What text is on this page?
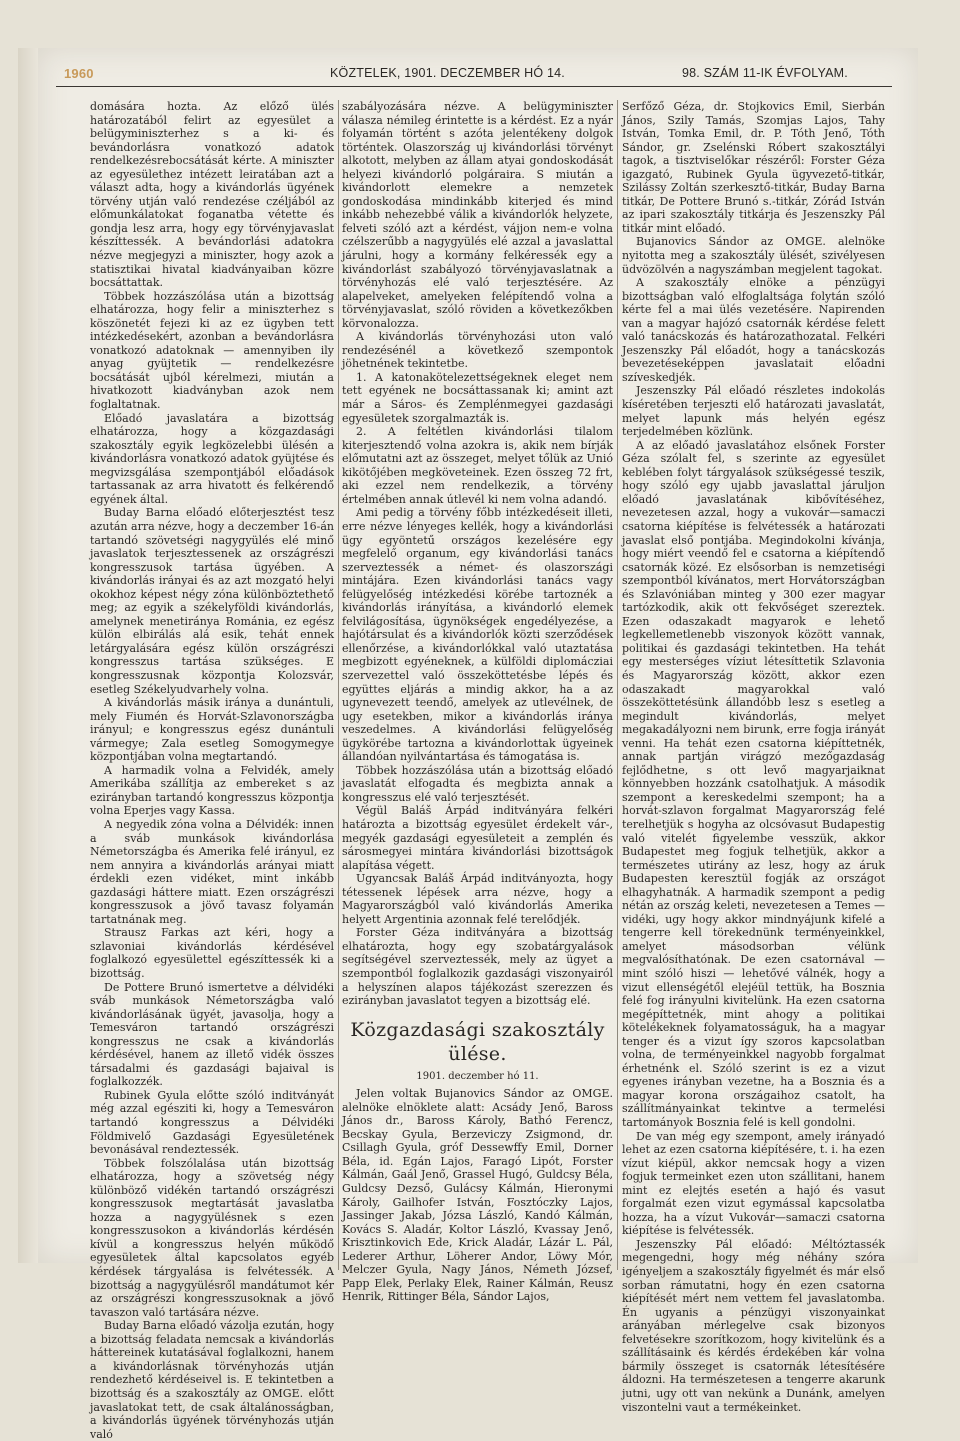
1960	KÖZTELEK, 1901. DECZEMBER HÓ 14.	98. SZÁM 11-IK ÉVFOLYAM.

domására hozta. Az előző ülés határozatából felirt az egyesület a belügyminiszterhez s a ki- és bevándorlásra vonatkozó adatok rendelkezésrebocsátását kérte. A miniszter az egyesülethez intézett leiratában azt a választ adta, hogy a kivándorlás ügyének törvény utján való rendezése czéljából az előmunkálatokat foganatba vétette és gondja lesz arra, hogy egy törvényjavaslat készíttessék. A bevándorlási adatokra nézve megjegyzi a miniszter, hogy azok a statisztikai hivatal kiadványaiban közre bocsáttattak.

Többek hozzászólása után a bizottság elhatározza, hogy felir a miniszterhez s köszönetét fejezi ki az ez ügyben tett intézkedésekért, azonban a bevándorlásra vonatkozó adatoknak — amennyiben ily anyag gyüjtetik — rendelkezésre bocsátását ujból kérelmezi, miután a hivatkozott kiadványban azok nem foglaltatnak.

Előadó javaslatára a bizottság elhatározza, hogy a közgazdasági szakosztály egyik legközelebbi ülésén a kivándorlásra vonatkozó adatok gyüjtése és megvizsgálása szempontjából előadások tartassanak az arra hivatott és felkérendő egyének által.

Buday Barna előadó előterjesztést tesz azután arra nézve, hogy a deczember 16-án tartandó szövetségi nagygyülés elé minő javaslatok terjesztessenek az országrészi kongresszusok tartása ügyében. A kivándorlás irányai és az azt mozgató helyi okokhoz képest négy zóna különböztethető meg; az egyik a székelyföldi kivándorlás, amelynek menetiránya Románia, ez egész külön elbirálás alá esik, tehát ennek letárgyalására egész külön országrészi kongresszus tartása szükséges. E kongresszusnak központja Kolozsvár, esetleg Székelyudvarhely volna.

A kivándorlás másik iránya a dunántuli, mely Fiumén és Horvát-Szlavonországba irányul; e kongresszus egész dunántuli vármegye; Zala esetleg Somogymegye központjában volna megtartandó.

A harmadik volna a Felvidék, amely Amerikába szállítja az embereket s az ezirányban tartandó kongresszus központja volna Eperjes vagy Kassa.

A negyedik zóna volna a Délvidék: innen a sváb munkások kivándorlása Németországba és Amerika felé irányul, ez nem annyira a kivándorlás arányai miatt érdekli ezen vidéket, mint inkább gazdasági háttere miatt. Ezen országrészi kongresszusok a jövő tavasz folyamán tartatnának meg.

Strausz Farkas azt kéri, hogy a szlavoniai kivándorlás kérdésével foglalkozó egyesülettel egészíttessék ki a bizottság.

De Pottere Brunó ismertetve a délvidéki sváb munkások Németországba való kivándorlásának ügyét, javasolja, hogy a Temesváron tartandó országrészi kongresszus ne csak a kivándorlás kérdésével, hanem az illető vidék összes társadalmi és gazdasági bajaival is foglalkozzék.

Rubinek Gyula előtte szóló inditványát még azzal egésziti ki, hogy a Temesváron tartandó kongresszus a Délvidéki Földmivelő Gazdasági Egyesületének bevonásával rendeztessék.

Többek folszólalása után bizottság elhatározza, hogy a szövetség négy különböző vidékén tartandó országrészi kongresszusok megtartását javaslatba hozza a nagygyülésnek s ezen kongresszusokon a kivándorlás kérdésén kívül a kongresszus helyén működő egyesületek által kapcsolatos egyéb kérdések tárgyalása is felvétessék. A bizottság a nagygyülésről mandátumot kér az országrészi kongresszusoknak a jövő tavaszon való tartására nézve.

Buday Barna előadó vázolja ezután, hogy a bizottság feladata nemcsak a kivándorlás háttereinek kutatásával foglalkozni, hanem a kivándorlásnak törvényhozás utján rendezhető kérdéseivel is. E tekintetben a bizottság és a szakosztály az OMGE. előtt javaslatokat tett, de csak általánosságban, a kivándorlás ügyének törvényhozás utján való

szabályozására nézve. A belügyminiszter válasza némileg érintette is a kérdést. Ez a nyár folyamán történt s azóta jelentékeny dolgok történtek. Olaszország uj kivándorlási törvényt alkotott, melyben az állam atyai gondoskodását helyezi kivándorló polgáraira. S miután a kivándorlott elemekre a nemzetek gondoskodása mindinkább kiterjed és mind inkább nehezebbé válik a kivándorlók helyzete, felveti szóló azt a kérdést, vájjon nem-e volna czélszerűbb a nagygyülés elé azzal a javaslattal járulni, hogy a kormány felkéressék egy a kivándorlást szabályozó törvényjavaslatnak a törvényhozás elé való terjesztésére. Az alapelveket, amelyeken felépítendő volna a törvényjavaslat, szóló röviden a következőkben körvonalozza.

A kivándorlás törvényhozási uton való rendezésénél a következő szempontok jöhetnének tekintetbe.

1. A katonakötelezettségeknek eleget nem tett egyének ne bocsáttassanak ki; amint azt már a Sáros- és Zemplénmegyei gazdasági egyesületek szorgalmazták is.

2. A feltétlen kivándorlási tilalom kiterjesztendő volna azokra is, akik nem bírják előmutatni azt az összeget, melyet tőlük az Unió kikötőjében megköveteinek. Ezen összeg 72 frt, aki ezzel nem rendelkezik, a törvény értelmében annak útlevél ki nem volna adandó.

Ami pedig a törvény főbb intézkedéseit illeti, erre nézve lényeges kellék, hogy a kivándorlási ügy egyöntetű országos kezelésére egy megfelelő organum, egy kivándorlási tanács szerveztessék a német- és olaszországi mintájára. Ezen kivándorlási tanács vagy felügyelőség intézkedési körébe tartoznék a kivándorlás irányítása, a kivándorló elemek felvilágosítása, ügynökségek engedélyezése, a hajótársulat és a kivándorlók közti szerződések ellenőrzése, a kivándorlókkal való utaztatása megbizott egyéneknek, a külföldi diplomácziai szervezettel való összeköttetésbe lépés és együttes eljárás a mindig akkor, ha a az ugynevezett teendő, amelyek az utlevélnek, de ugy esetekben, mikor a kivándorlás iránya veszedelmes. A kivándorlási felügyelőség ügykörébe tartozna a kivándorlottak ügyeinek állandóan nyilvántartása és támogatása is.

Többek hozzászólása után a bizottság előadó javaslatát elfogadta és megbizta annak a kongresszus elé való terjesztését.

Végül Baláš Árpád inditványára felkéri határozta a bizottság egyesület érdekelt vár-, megyék gazdasági egyesületeit a zemplén és sárosmegyei mintára kivándorlási bizottságok alapítása végett.

Ugyancsak Baláš Árpád inditványozta, hogy tétessenek lépések arra nézve, hogy a Magyarországból való kivándorlás Amerika helyett Argentinia azonnak felé terelődjék.

Forster Géza inditványára a bizottság elhatározta, hogy egy szobatárgyalások segítségével szerveztessék, mely az ügyet a szempontból foglalkozik gazdasági viszonyairól a helyszínen alapos tájékozást szerezzen és ezirányban javaslatot tegyen a bizottság elé.

Közgazdasági szakosztály ülése.
1901. deczember hó 11.

Jelen voltak Bujanovics Sándor az OMGE. alelnöke elnöklete alatt: Acsády Jenő, Baross János dr., Baross Károly, Bathó Ferencz, Becskay Gyula, Berzeviczy Zsigmond, dr. Csillagh Gyula, gróf Dessewffy Emil, Dorner Béla, id. Egán Lajos, Faragó Lipót, Forster Kálmán, Gaál Jenő, Grassel Hugó, Guldcsy Béla, Guldcsy Dezső, Gulácsy Kálmán, Hieronymi Károly, Gailhofer István, Fosztóczky Lajos, Jassinger Jakab, Józsa László, Kandó Kálmán, Kovács S. Aladár, Koltor László, Kvassay Jenő, Krisztinkovich Ede, Krick Aladár, Lázár L. Pál, Lederer Arthur, Löherer Andor, Löwy Mór, Melczer Gyula, Nagy János, Németh József, Papp Elek, Perlaky Elek, Rainer Kálmán, Reusz Henrik, Rittinger Béla, Sándor Lajos,

Serfőző Géza, dr. Stojkovics Emil, Sierbán János, Szily Tamás, Szomjas Lajos, Tahy István, Tomka Emil, dr. P. Tóth Jenő, Tóth Sándor, gr. Zselénski Róbert szakosztályi tagok, a tisztviselőkar részéről: Forster Géza igazgató, Rubinek Gyula ügyvezető-titkár, Szilássy Zoltán szerkesztő-titkár, Buday Barna titkár, De Pottere Brunó s.-titkár, Zórád István az ipari szakosztály titkárja és Jeszenszky Pál titkár mint előadó.

Bujanovics Sándor az OMGE. alelnöke nyitotta meg a szakosztály ülését, szivélyesen üdvözölvén a nagyszámban megjelent tagokat.

A szakosztály elnöke a pénzügyi bizottságban való elfoglaltsága folytán szóló kérte fel a mai ülés vezetésére. Napirenden van a magyar hajózó csatornák kérdése felett való tanácskozás és határozathozatal. Felkéri Jeszenszky Pál előadót, hogy a tanácskozás bevezetéseképpen javaslatait előadni szíveskedjék.

Jeszenszky Pál előadó részletes indokolás kíséretében terjeszti elő határozati javaslatát, melyet lapunk más helyén egész terjedelmében közlünk.

A az előadó javaslatához elsőnek Forster Géza szólalt fel, s szerinte az egyesület keblében folyt tárgyalások szükségessé teszik, hogy szóló egy ujabb javaslattal járuljon előadó javaslatának kibővítéséhez, nevezetesen azzal, hogy a vukovár—samaczi csatorna kiépítése is felvétessék a határozati javaslat első pontjába. Megindokolni kívánja, hogy miért veendő fel e csatorna a kiépítendő csatornák közé. Ez elsősorban is nemzetiségi szempontból kívánatos, mert Horvátországban és Szlavóniában minteg y 300 ezer magyar tartózkodik, akik ott fekvőséget szereztek. Ezen odaszakadt magyarok e lehető legkellemetlenebb viszonyok között vannak, politikai és gazdasági tekintetben. Ha tehát egy mesterséges víziut létesíttetik Szlavonia és Magyarország között, akkor ezen odaszakadt magyarokkal való összeköttetésünk állandóbb lesz s esetleg a megindult kivándorlás, melyet megakadályozni nem birunk, erre fogja irányát venni. Ha tehát ezen csatorna kiépíttetnék, annak partján virágzó mezőgazdaság fejlődhetne, s ott levő magyarjaiknat könnyebben hozzánk csatolhatjuk. A második szempont a kereskedelmi szempont; ha a horvát-szlavon forgalmat Magyarország felé terelhetjük s hogyha az olcsóvasut Budapestig való vitelét figyelembe vesszük, akkor Budapestet meg fogjuk telhetjük, akkor a természetes utirány az lesz, hogy az áruk Budapesten keresztül fogják az országot elhagyhatnák. A harmadik szempont a pedig nétán az ország keleti, nevezetesen a Temes — vidéki, ugy hogy akkor mindnyájunk kifelé a tengerre kell törekednünk terményeinkkel, amelyet másodsorban vélünk megvalósíthatónak. De ezen csatornával — mint szóló hiszi — lehetővé válnék, hogy a vizut ellenségétől elejéül tettük, ha Bosznia felé fog irányulni kivitelünk. Ha ezen csatorna megépíttetnék, mint ahogy a politikai kötelékeknek folyamatosságuk, ha a magyar tenger és a vizut így szoros kapcsolatban volna, de terményeinkkel nagyobb forgalmat érhetnénk el. Szóló szerint is ez a vizut egyenes irányban vezetne, ha a Bosznia és a magyar korona országaihoz csatolt, ha szállítmányainkat tekintve a termelési tartományok Bosznia felé is kell gondolni.

De van még egy szempont, amely irányadó lehet az ezen csatorna kiépítésére, t. i. ha ezen vízut kiépül, akkor nemcsak hogy a vizen fogjuk termeinket ezen uton szállitani, hanem mint ez elejtés esetén a hajó és vasut forgalmát ezen vizut egymással kapcsolatba hozza, ha a vízut Vukovár—samaczi csatorna kiépítése is felvétessék.

Jeszenszky Pál előadó: Méltóztassék megengedni, hogy még néhány szóra igényeljem a szakosztály figyelmét és már első sorban rámutatni, hogy én ezen csatorna kiépítését mért nem vettem fel javaslatomba. Én ugyanis a pénzügyi viszonyainkat arányában mérlegelve csak bizonyos felvetésekre szorítkozom, hogy kivitelünk és a szállításaink és kérdés érdekében kár volna bármily összeget is csatornák létesítésére áldozni. Ha természetesen a tengerre akarunk jutni, ugy ott van nekünk a Dunánk, amelyen viszontelni vaut a termékeinket.
